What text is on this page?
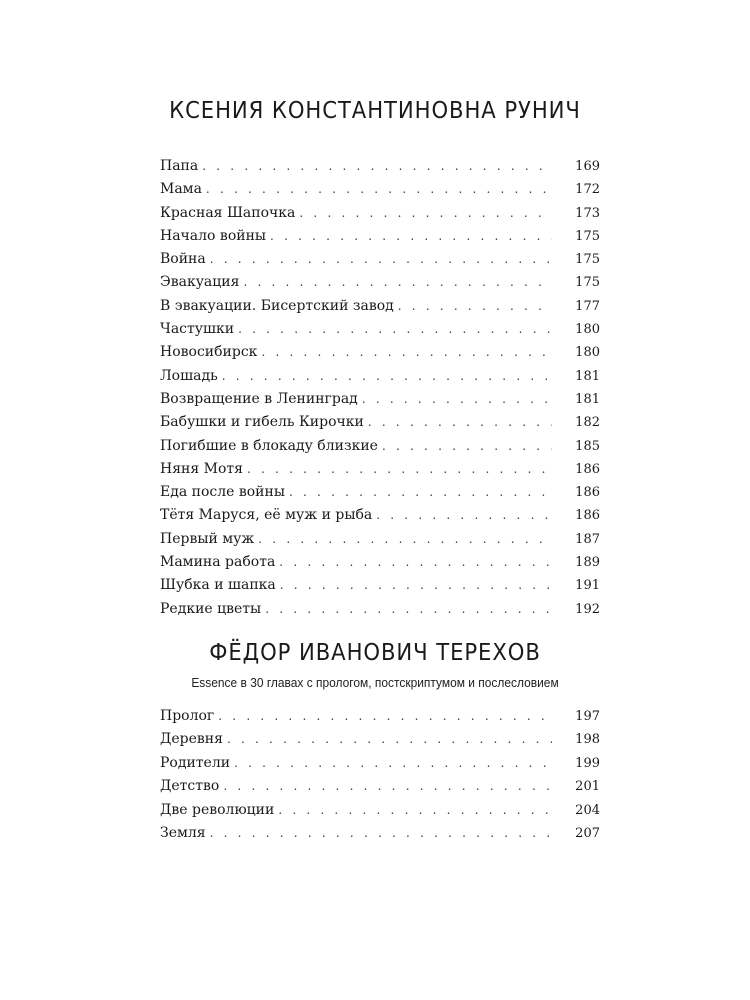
КСЕНИЯ КОНСТАНТИНОВНА РУНИЧ
Папа . . .	169
Мама . . .	172
Красная Шапочка . . .	173
Начало войны . . .	175
Война . . .	175
Эвакуация . . .	175
В эвакуации. Бисертский завод . . .	177
Частушки . . .	180
Новосибирск . . .	180
Лошадь . . .	181
Возвращение в Ленинград . . .	181
Бабушки и гибель Кирочки . . .	182
Погибшие в блокаду близкие . . .	185
Няня Мотя . . .	186
Еда после войны . . .	186
Тётя Маруся, её муж и рыба . . .	186
Первый муж . . .	187
Мамина работа . . .	189
Шубка и шапка . . .	191
Редкие цветы . . .	192
ФЁДОР ИВАНОВИЧ ТЕРЕХОВ
Essence в 30 главах с прологом, постскриптумом и послесловием
Пролог . . .	197
Деревня . . .	198
Родители . . .	199
Детство . . .	201
Две революции . . .	204
Земля . . .	207
